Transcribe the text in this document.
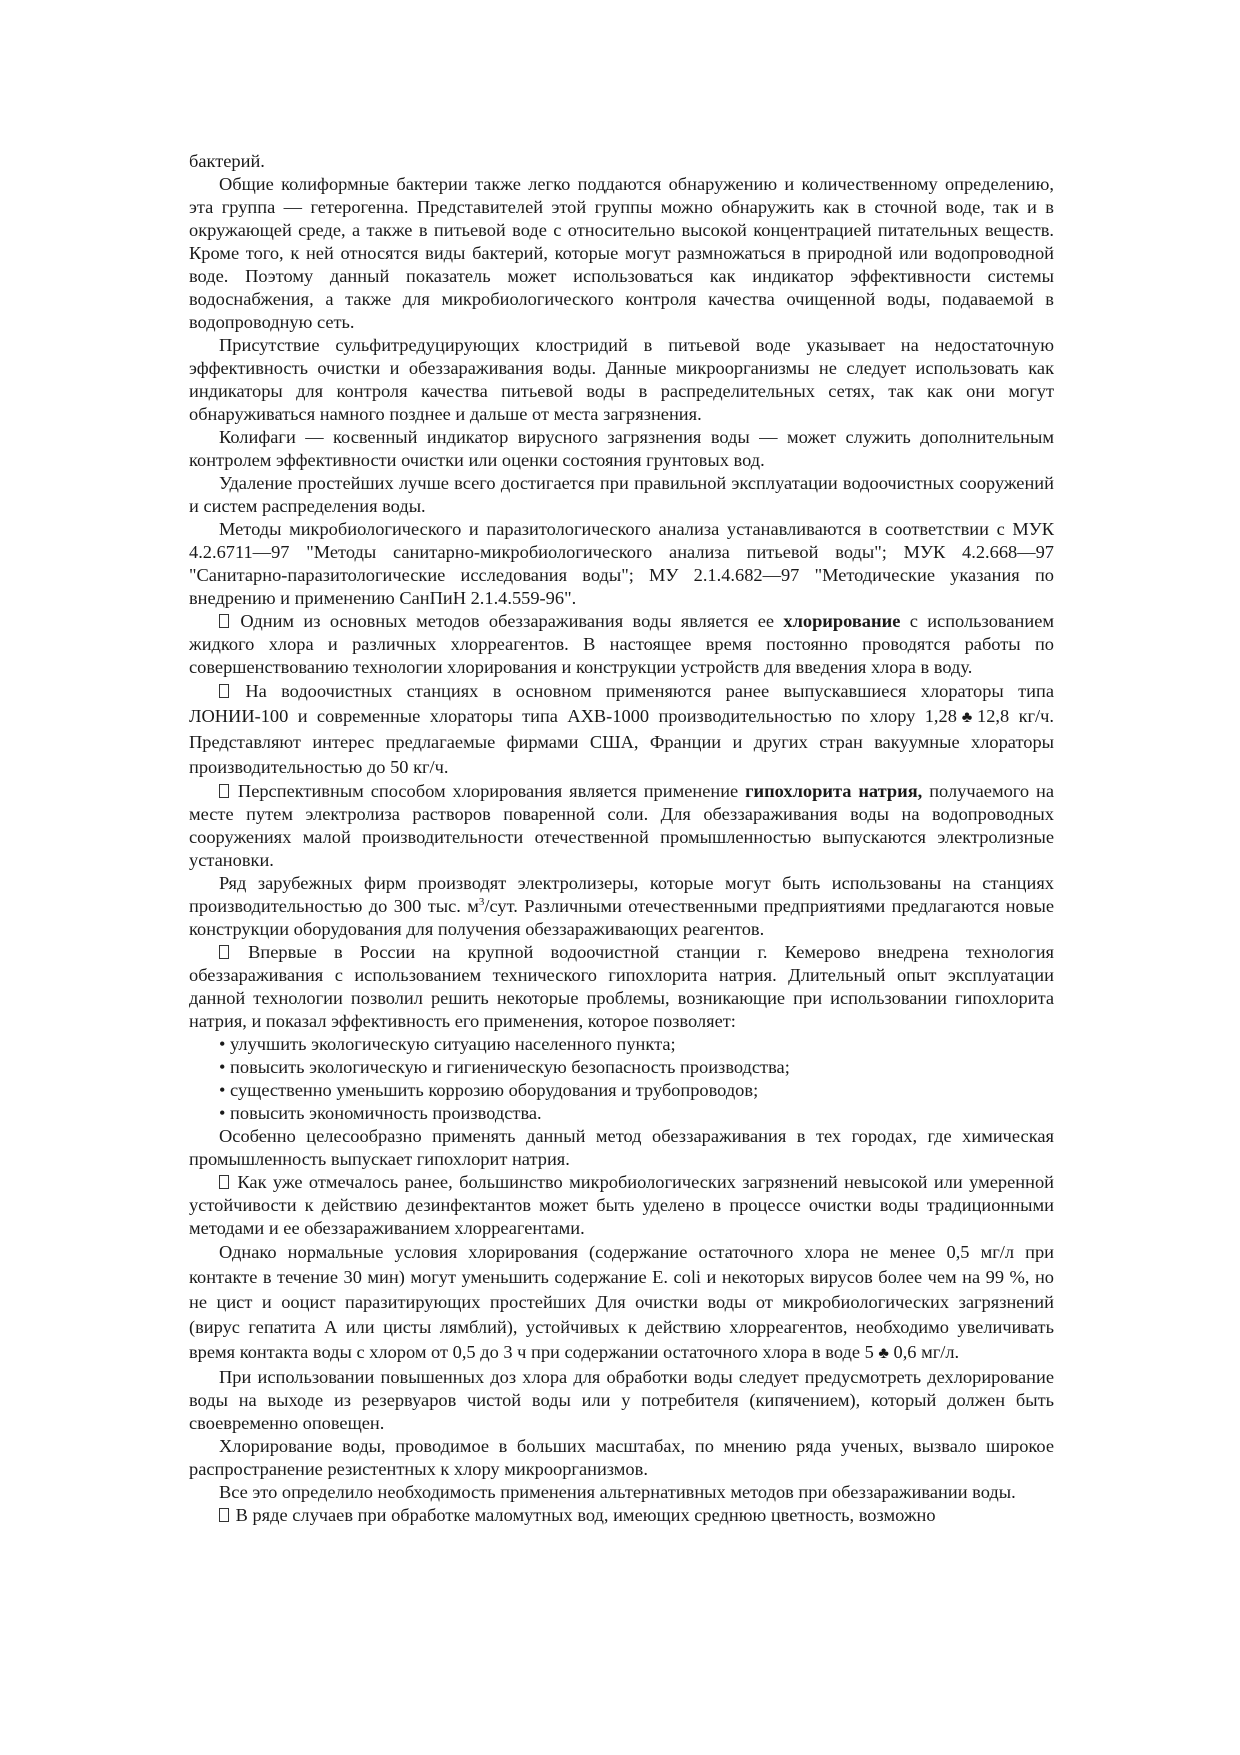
бактерий.

Общие колиформные бактерии также легко поддаются обнаружению и количественному определению, эта группа — гетерогенна. Представителей этой группы можно обнаружить как в сточной воде, так и в окружающей среде, а также в питьевой воде с относительно высокой концентрацией питательных веществ. Кроме того, к ней относятся виды бактерий, которые могут размножаться в природной или водопроводной воде. Поэтому данный показатель может использоваться как индикатор эффективности системы водоснабжения, а также для микробиологического контроля качества очищенной воды, подаваемой в водопроводную сеть.

Присутствие сульфитредуцирующих клостридий в питьевой воде указывает на недостаточную эффективность очистки и обеззараживания воды. Данные микроорганизмы не следует использовать как индикаторы для контроля качества питьевой воды в распределительных сетях, так как они могут обнаруживаться намного позднее и дальше от места загрязнения.

Колифаги — косвенный индикатор вирусного загрязнения воды — может служить дополнительным контролем эффективности очистки или оценки состояния грунтовых вод.

Удаление простейших лучше всего достигается при правильной эксплуатации водоочистных сооружений и систем распределения воды.

Методы микробиологического и паразитологического анализа устанавливаются в соответствии с МУК 4.2.6711—97 "Методы санитарно-микробиологического анализа питьевой воды"; МУК 4.2.668—97 "Санитарно-паразитологические исследования воды"; МУ 2.1.4.682—97 "Методические указания по внедрению и применению СанПиН 2.1.4.559-96".

Одним из основных методов обеззараживания воды является ее хлорирование с использованием жидкого хлора и различных хлорреагентов. В настоящее время постоянно проводятся работы по совершенствованию технологии хлорирования и конструкции устройств для введения хлора в воду.

На водоочистных станциях в основном применяются ранее выпускавшиеся хлораторы типа ЛОНИИ-100 и современные хлораторы типа АХВ-1000 производительностью по хлору 1,28♣12,8 кг/ч. Представляют интерес предлагаемые фирмами США, Франции и других стран вакуумные хлораторы производительностью до 50 кг/ч.

Перспективным способом хлорирования является применение гипохлорита натрия, получаемого на месте путем электролиза растворов поваренной соли. Для обеззараживания воды на водопроводных сооружениях малой производительности отечественной промышленностью выпускаются электролизные установки.

Ряд зарубежных фирм производят электролизеры, которые могут быть использованы на станциях производительностью до 300 тыс. $м^3$/сут. Различными отечественными предприятиями предлагаются новые конструкции оборудования для получения обеззараживающих реагентов.

Впервые в России на крупной водоочистной станции г. Кемерово внедрена технология обеззараживания с использованием технического гипохлорита натрия. Длительный опыт эксплуатации данной технологии позволил решить некоторые проблемы, возникающие при использовании гипохлорита натрия, и показал эффективность его применения, которое позволяет:

• улучшить экологическую ситуацию населенного пункта;

• повысить экологическую и гигиеническую безопасность производства;

• существенно уменьшить коррозию оборудования и трубопроводов;

• повысить экономичность производства.

Особенно целесообразно применять данный метод обеззараживания в тех городах, где химическая промышленность выпускает гипохлорит натрия.

Как уже отмечалось ранее, большинство микробиологических загрязнений невысокой или умеренной устойчивости к действию дезинфектантов может быть уделено в процессе очистки воды традиционными методами и ее обеззараживанием хлорреагентами.

Однако нормальные условия хлорирования (содержание остаточного хлора не менее 0,5 мг/л при контакте в течение 30 мин) могут уменьшить содержание E. coli и некоторых вирусов более чем на 99 %, но не цист и ооцист паразитирующих простейших Для очистки воды от микробиологических загрязнений (вирус гепатита А или цисты лямблий), устойчивых к действию хлорреагентов, необходимо увеличивать время контакта воды с хлором от 0,5 до 3 ч при содержании остаточного хлора в воде 5 ♣ 0,6 мг/л.

При использовании повышенных доз хлора для обработки воды следует предусмотреть дехлорирование воды на выходе из резервуаров чистой воды или у потребителя (кипячением), который должен быть своевременно оповещен.

Хлорирование воды, проводимое в больших масштабах, по мнению ряда ученых, вызвало широкое распространение резистентных к хлору микроорганизмов.

Все это определило необходимость применения альтернативных методов при обеззараживании воды.

В ряде случаев при обработке маломутных вод, имеющих среднюю цветность, возможно
